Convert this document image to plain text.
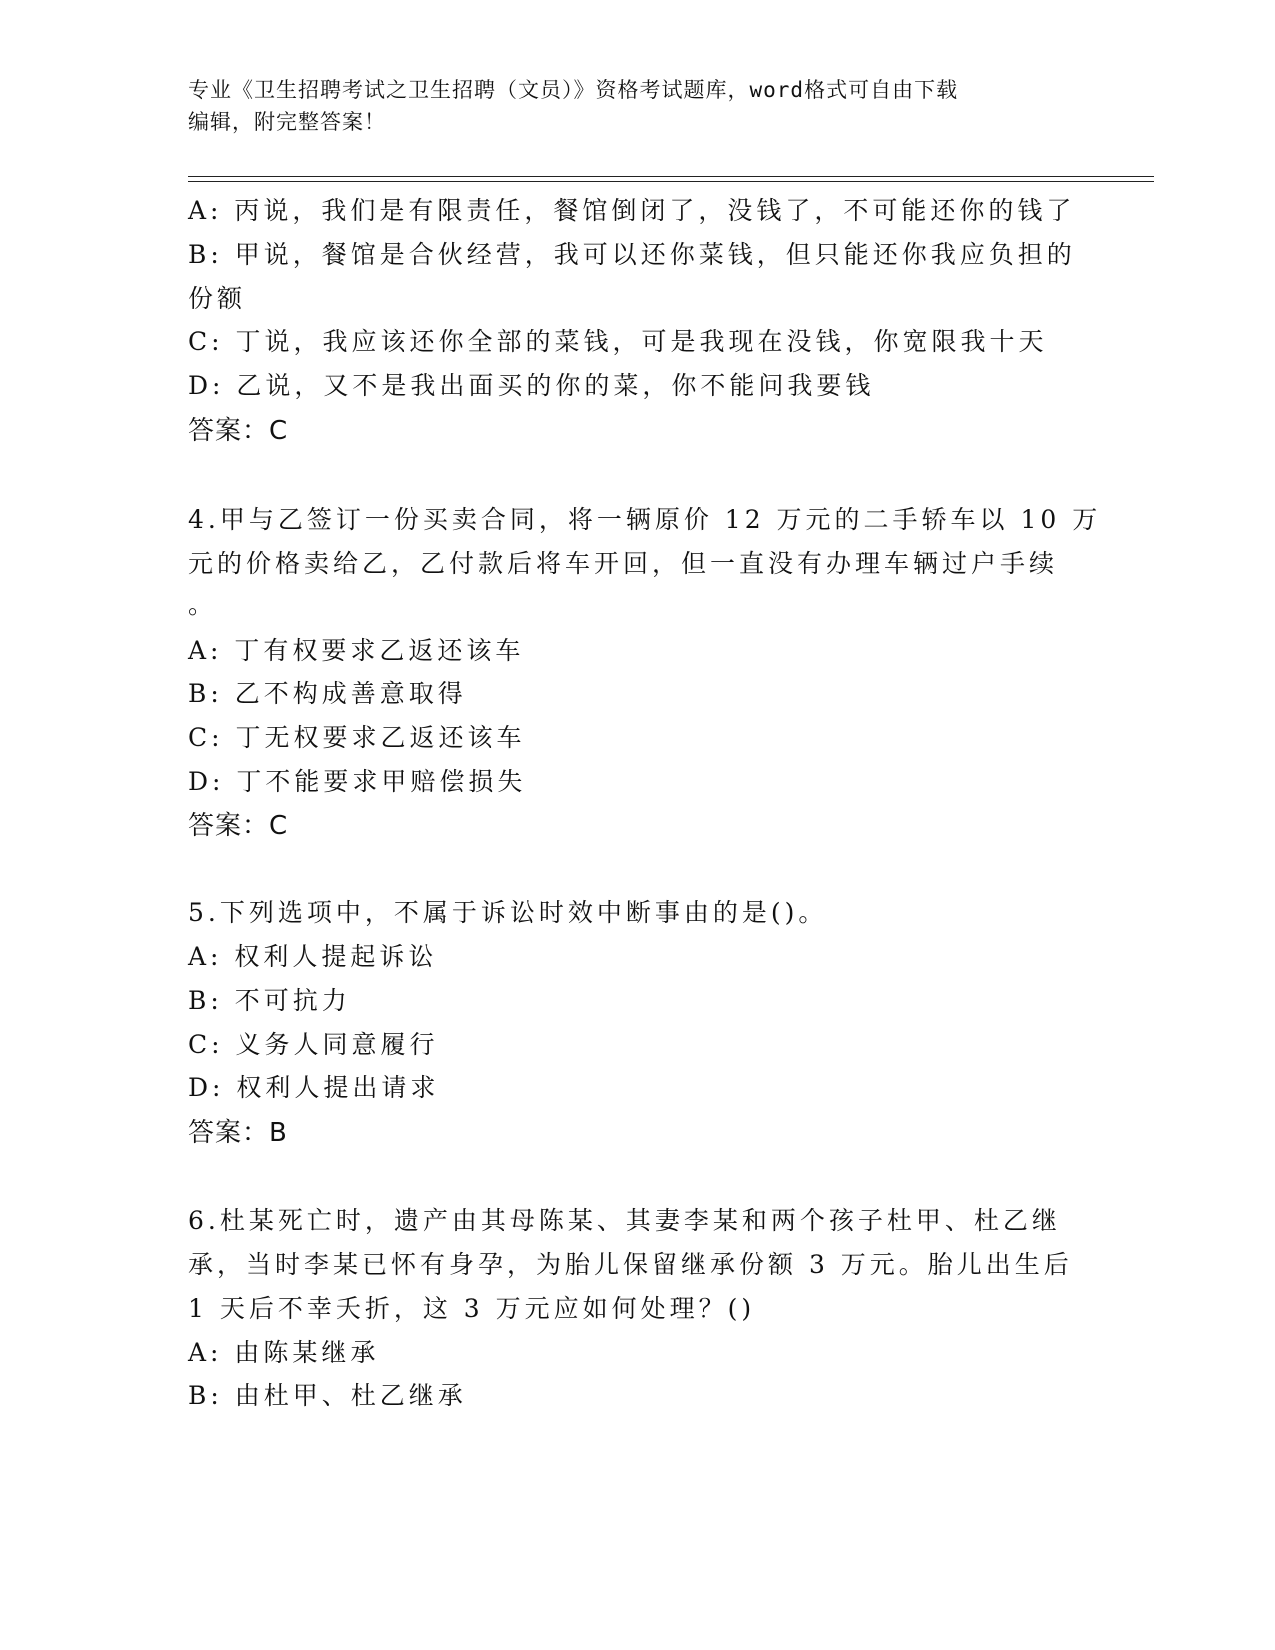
专业《卫生招聘考试之卫生招聘（文员）》资格考试题库，word格式可自由下载
编辑，附完整答案！
A: 丙说，我们是有限责任，餐馆倒闭了，没钱了，不可能还你的钱了
B: 甲说，餐馆是合伙经营，我可以还你菜钱，但只能还你我应负担的
份额
C: 丁说，我应该还你全部的菜钱，可是我现在没钱，你宽限我十天
D: 乙说，又不是我出面买的你的菜，你不能问我要钱
答案：C
4.甲与乙签订一份买卖合同，将一辆原价 12 万元的二手轿车以 10 万
元的价格卖给乙，乙付款后将车开回，但一直没有办理车辆过户手续
。
A: 丁有权要求乙返还该车
B: 乙不构成善意取得
C: 丁无权要求乙返还该车
D: 丁不能要求甲赔偿损失
答案：C
5.下列选项中，不属于诉讼时效中断事由的是()。
A: 权利人提起诉讼
B: 不可抗力
C: 义务人同意履行
D: 权利人提出请求
答案：B
6.杜某死亡时，遗产由其母陈某、其妻李某和两个孩子杜甲、杜乙继
承，当时李某已怀有身孕，为胎儿保留继承份额 3 万元。胎儿出生后
1 天后不幸夭折，这 3 万元应如何处理？()
A: 由陈某继承
B: 由杜甲、杜乙继承
